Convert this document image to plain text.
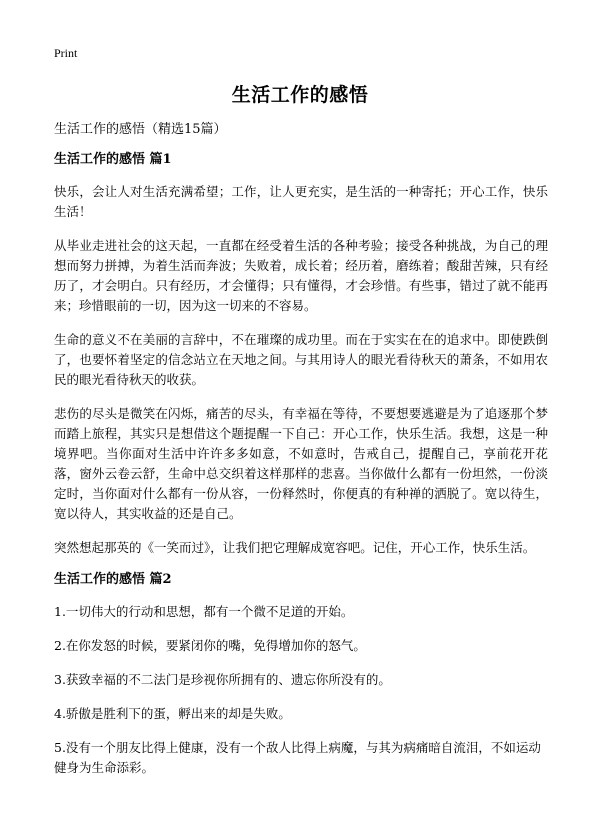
Print
生活工作的感悟

生活工作的感悟（精选15篇）

生活工作的感悟 篇1

快乐，会让人对生活充满希望；工作，让人更充实，是生活的一种寄托；开心工作，快乐生活！

从毕业走进社会的这天起，一直都在经受着生活的各种考验；接受各种挑战，为自己的理想而努力拼搏，为着生活而奔波；失败着，成长着；经历着，磨练着；酸甜苦辣，只有经历了，才会明白。只有经历，才会懂得；只有懂得，才会珍惜。有些事，错过了就不能再来；珍惜眼前的一切，因为这一切来的不容易。

生命的意义不在美丽的言辞中，不在璀璨的成功里。而在于实实在在的追求中。即使跌倒了，也要怀着坚定的信念站立在天地之间。与其用诗人的眼光看待秋天的萧条，不如用农民的眼光看待秋天的收获。

悲伤的尽头是微笑在闪烁，痛苦的尽头，有幸福在等待，不要想要逃避是为了追逐那个梦而踏上旅程，其实只是想借这个题提醒一下自己：开心工作，快乐生活。我想，这是一种境界吧。当你面对生活中许许多多如意，不如意时，告戒自己，提醒自己，享前花开花落，窗外云卷云舒，生命中总交织着这样那样的悲喜。当你做什么都有一份坦然，一份淡定时，当你面对什么都有一份从容，一份释然时，你便真的有种禅的洒脱了。宽以待生，宽以待人，其实收益的还是自己。

突然想起那英的《一笑而过》，让我们把它理解成宽容吧。记住，开心工作，快乐生活。

生活工作的感悟 篇2

1.一切伟大的行动和思想，都有一个微不足道的开始。

2.在你发怒的时候，要紧闭你的嘴，免得增加你的怒气。

3.获致幸福的不二法门是珍视你所拥有的、遗忘你所没有的。

4.骄傲是胜利下的蛋，孵出来的却是失败。

5.没有一个朋友比得上健康，没有一个敌人比得上病魔，与其为病痛暗自流泪，不如运动健身为生命添彩。
